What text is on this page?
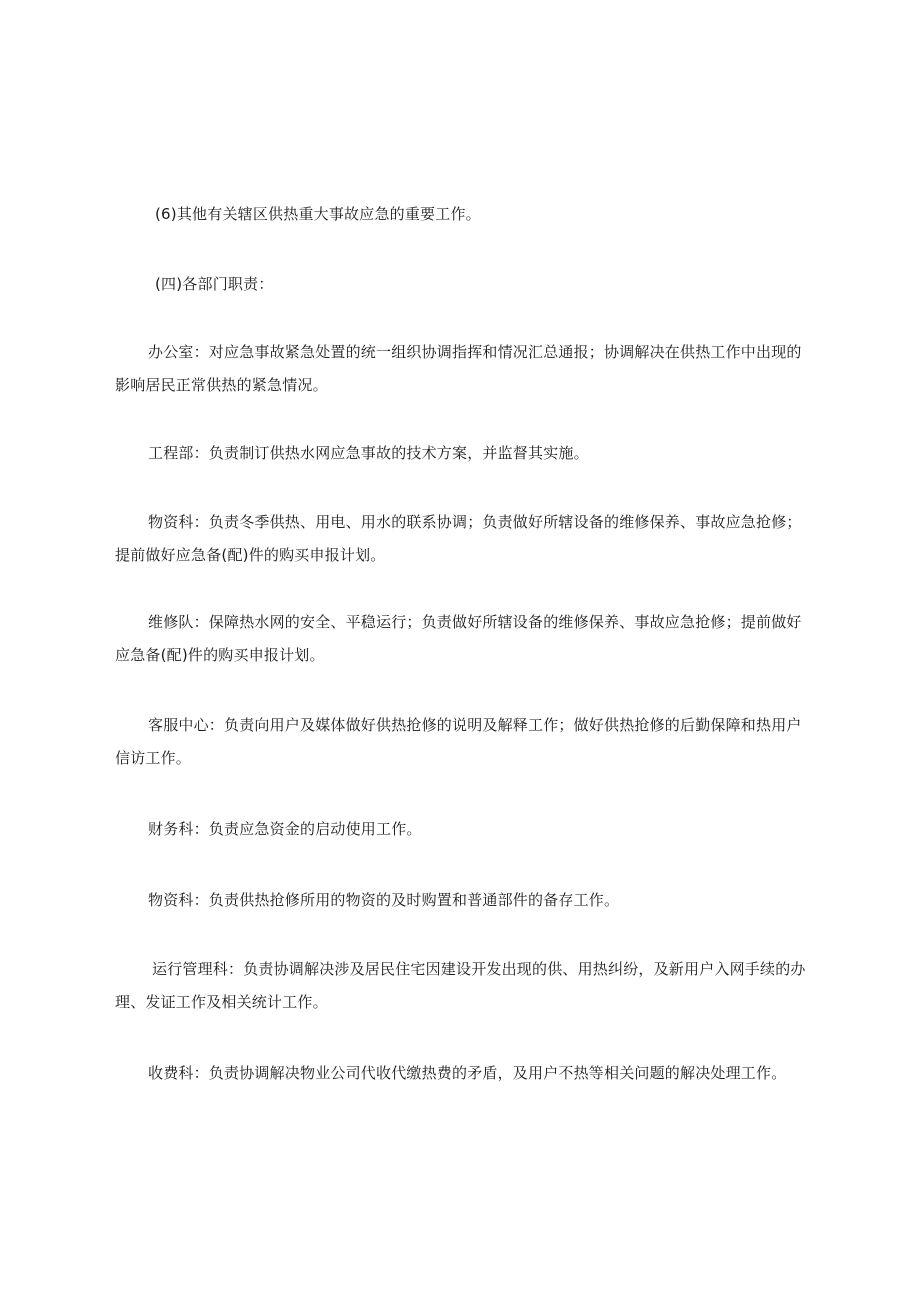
(6)其他有关辖区供热重大事故应急的重要工作。

(四)各部门职责：

办公室：对应急事故紧急处置的统一组织协调指挥和情况汇总通报；协调解决在供热工作中出现的影响居民正常供热的紧急情况。

工程部：负责制订供热水网应急事故的技术方案，并监督其实施。

物资科：负责冬季供热、用电、用水的联系协调；负责做好所辖设备的维修保养、事故应急抢修；提前做好应急备(配)件的购买申报计划。

维修队：保障热水网的安全、平稳运行；负责做好所辖设备的维修保养、事故应急抢修；提前做好应急备(配)件的购买申报计划。

客服中心：负责向用户及媒体做好供热抢修的说明及解释工作；做好供热抢修的后勤保障和热用户信访工作。

财务科：负责应急资金的启动使用工作。

物资科：负责供热抢修所用的物资的及时购置和普通部件的备存工作。

运行管理科：负责协调解决涉及居民住宅因建设开发出现的供、用热纠纷，及新用户入网手续的办理、发证工作及相关统计工作。

收费科：负责协调解决物业公司代收代缴热费的矛盾，及用户不热等相关问题的解决处理工作。
